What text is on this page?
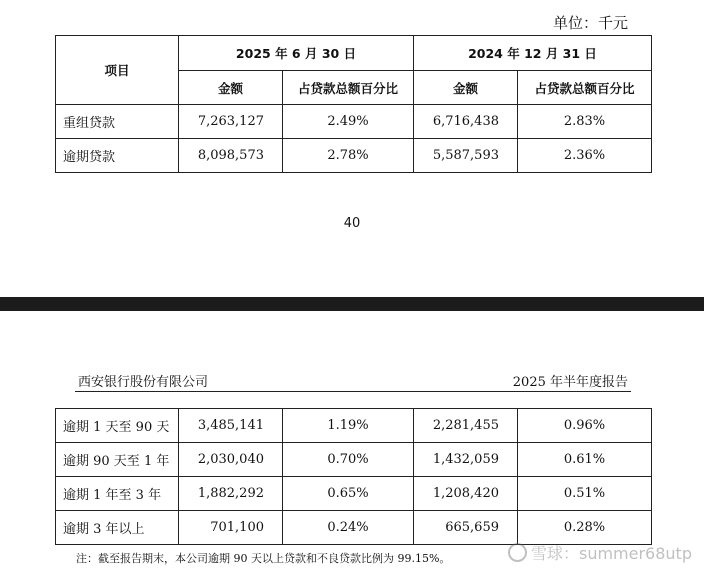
单位：千元
项目	2025 年 6 月 30 日		2024 年 12 月 31 日	
	金额	占贷款总额百分比	金额	占贷款总额百分比
重组贷款	7,263,127	2.49%	6,716,438	2.83%
逾期贷款	8,098,573	2.78%	5,587,593	2.36%
40
西安银行股份有限公司	2025 年半年度报告
逾期 1 天至 90 天	3,485,141	1.19%	2,281,455	0.96%
逾期 90 天至 1 年	2,030,040	0.70%	1,432,059	0.61%
逾期 1 年至 3 年	1,882,292	0.65%	1,208,420	0.51%
逾期 3 年以上	701,100	0.24%	665,659	0.28%
注：截至报告期末，本公司逾期 90 天以上贷款和不良贷款比例为 99.15%。	雪球：summer68utp
